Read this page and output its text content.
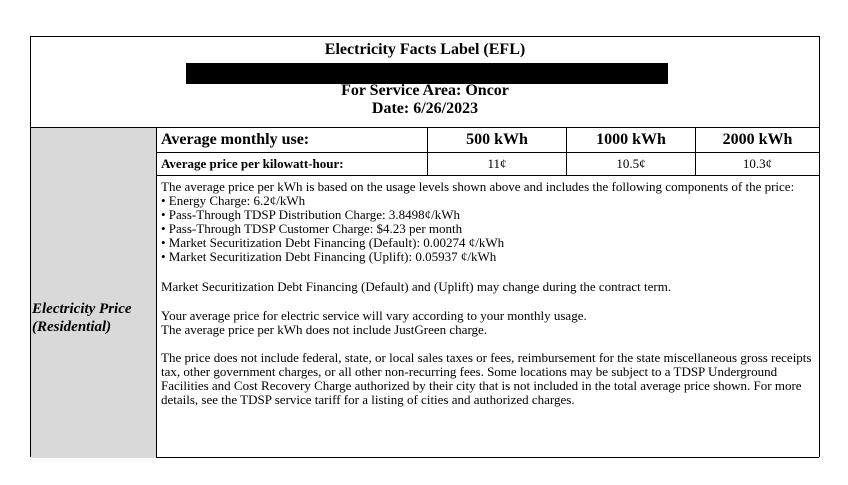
Electricity Facts Label (EFL)
For Service Area: Oncor
Date: 6/26/2023
Electricity Price
(Residential)
Average monthly use:	500 kWh	1000 kWh	2000 kWh
Average price per kilowatt-hour:	11¢	10.5¢	10.3¢

The average price per kWh is based on the usage levels shown above and includes the following components of the price:

• Energy Charge: 6.2¢/kWh

• Pass-Through TDSP Distribution Charge: 3.8498¢/kWh

• Pass-Through TDSP Customer Charge: $4.23 per month

• Market Securitization Debt Financing (Default): 0.00274 ¢/kWh

• Market Securitization Debt Financing (Uplift): 0.05937 ¢/kWh

Market Securitization Debt Financing (Default) and (Uplift) may change during the contract term.

Your average price for electric service will vary according to your monthly usage.

The average price per kWh does not include JustGreen charge.

The price does not include federal, state, or local sales taxes or fees, reimbursement for the state miscellaneous gross receipts tax, other government charges, or all other non-recurring fees. Some locations may be subject to a TDSP Underground Facilities and Cost Recovery Charge authorized by their city that is not included in the total average price shown. For more details, see the TDSP service tariff for a listing of cities and authorized charges.
